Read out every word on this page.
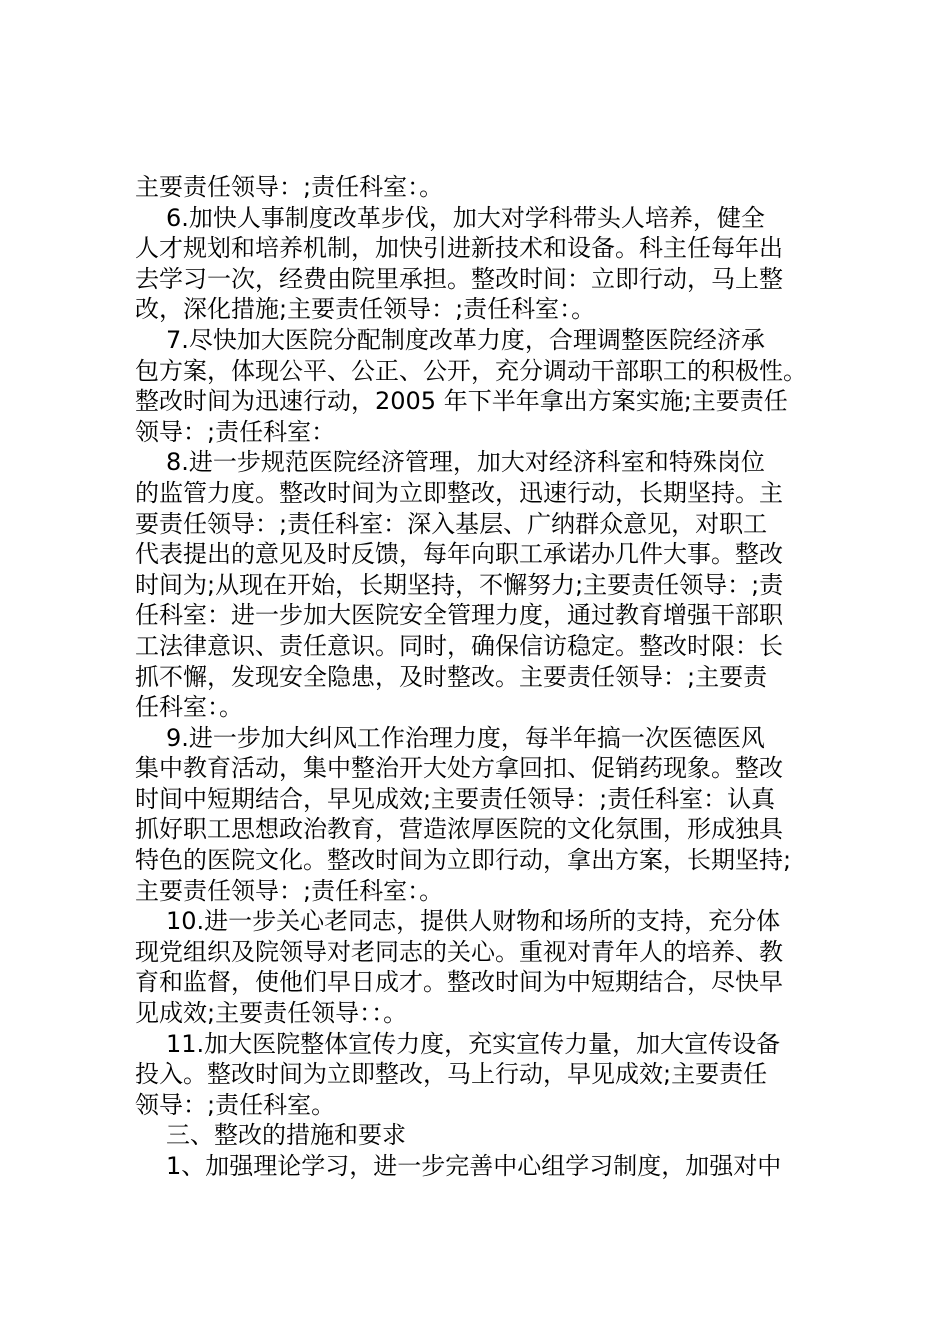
主要责任领导：;责任科室：。
6.加快人事制度改革步伐，加大对学科带头人培养，健全
人才规划和培养机制，加快引进新技术和设备。科主任每年出
去学习一次，经费由院里承担。整改时间：立即行动，马上整
改，深化措施;主要责任领导：;责任科室：。
7.尽快加大医院分配制度改革力度，合理调整医院经济承
包方案，体现公平、公正、公开，充分调动干部职工的积极性。
整改时间为迅速行动，2005 年下半年拿出方案实施;主要责任
领导：;责任科室：
8.进一步规范医院经济管理，加大对经济科室和特殊岗位
的监管力度。整改时间为立即整改，迅速行动，长期坚持。主
要责任领导：;责任科室：深入基层、广纳群众意见，对职工
代表提出的意见及时反馈，每年向职工承诺办几件大事。整改
时间为;从现在开始，长期坚持，不懈努力;主要责任领导：;责
任科室：进一步加大医院安全管理力度，通过教育增强干部职
工法律意识、责任意识。同时，确保信访稳定。整改时限：长
抓不懈，发现安全隐患，及时整改。主要责任领导：;主要责
任科室：。
9.进一步加大纠风工作治理力度，每半年搞一次医德医风
集中教育活动，集中整治开大处方拿回扣、促销药现象。整改
时间中短期结合，早见成效;主要责任领导：;责任科室：认真
抓好职工思想政治教育，营造浓厚医院的文化氛围，形成独具
特色的医院文化。整改时间为立即行动，拿出方案，长期坚持;
主要责任领导：;责任科室：。
10.进一步关心老同志，提供人财物和场所的支持，充分体
现党组织及院领导对老同志的关心。重视对青年人的培养、教
育和监督，使他们早日成才。整改时间为中短期结合，尽快早
见成效;主要责任领导：：。
11.加大医院整体宣传力度，充实宣传力量，加大宣传设备
投入。整改时间为立即整改，马上行动，早见成效;主要责任
领导：;责任科室。
三、整改的措施和要求
1、加强理论学习，进一步完善中心组学习制度，加强对中
